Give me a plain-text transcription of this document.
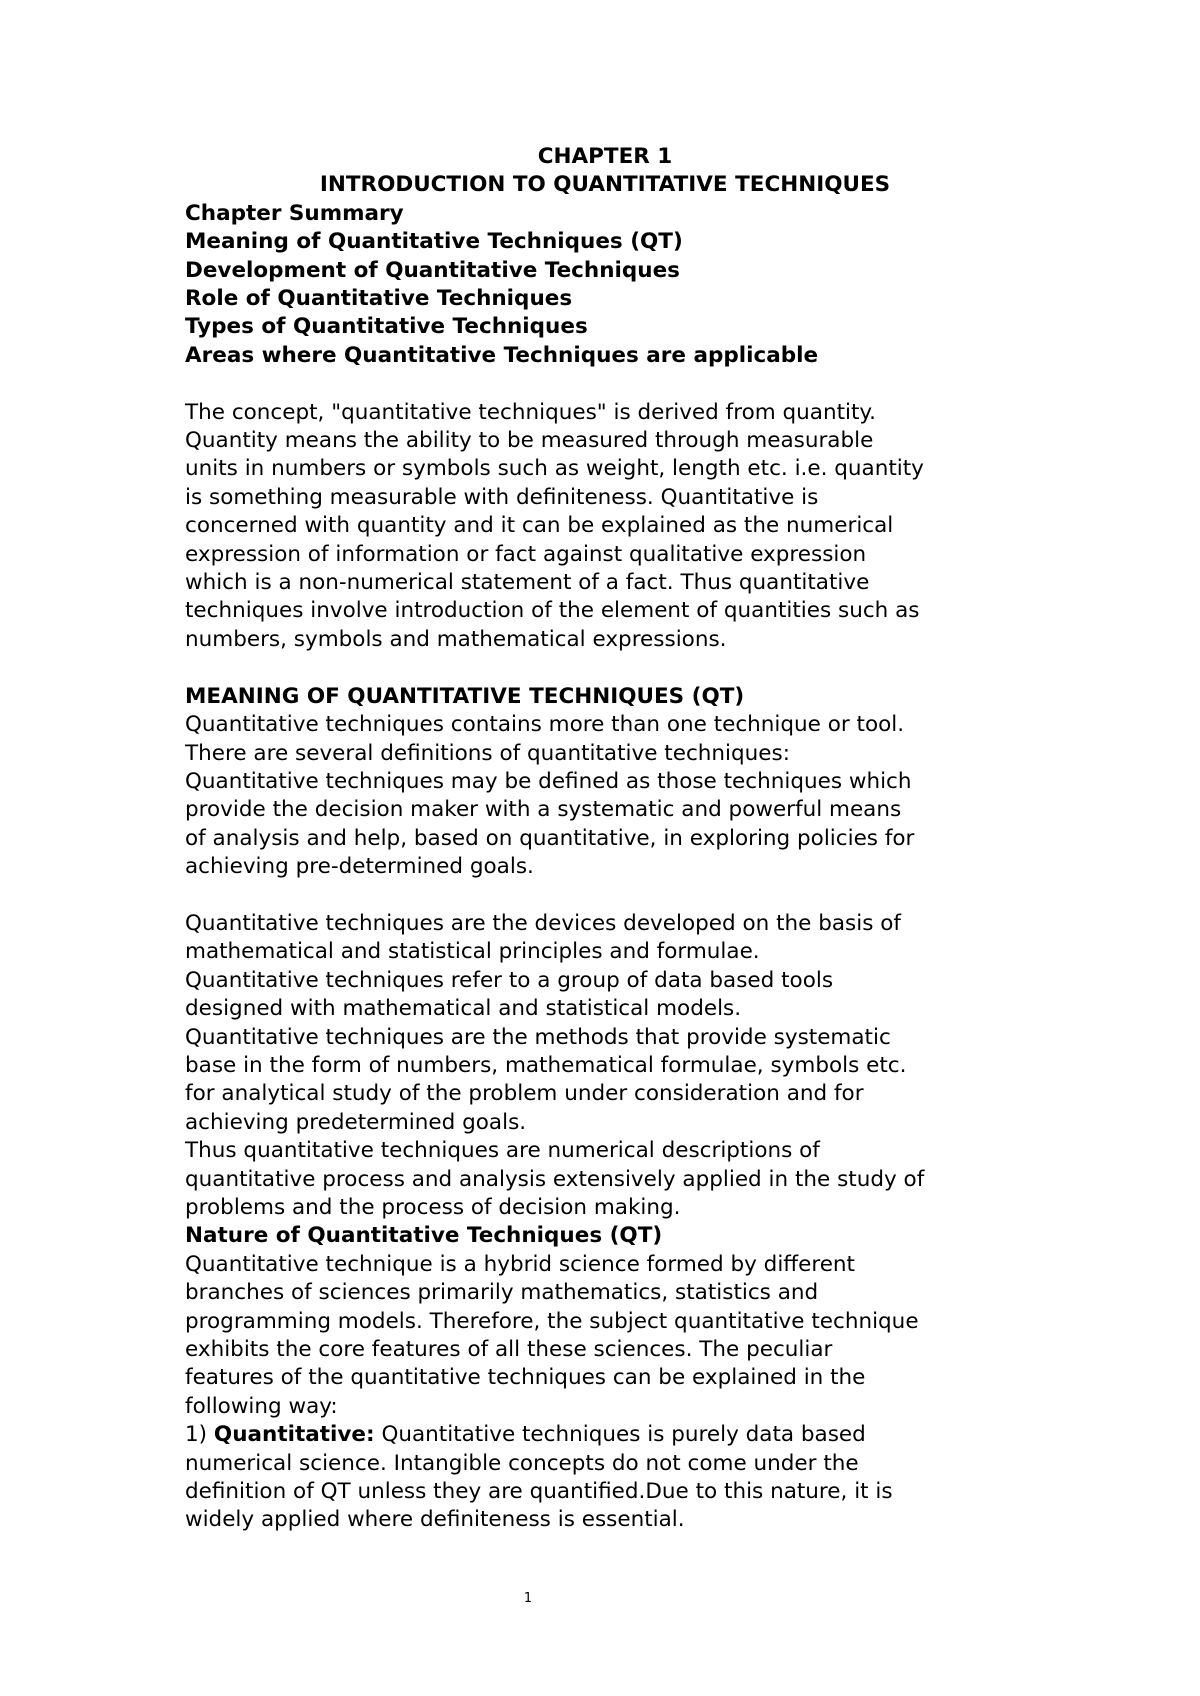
CHAPTER 1

INTRODUCTION TO QUANTITATIVE TECHNIQUES

Chapter Summary

Meaning of Quantitative Techniques (QT)

Development of Quantitative Techniques

Role of Quantitative Techniques

Types of Quantitative Techniques

Areas where Quantitative Techniques are applicable

The concept, "quantitative techniques" is derived from quantity.

Quantity means the ability to be measured through measurable

units in numbers or symbols such as weight, length etc. i.e. quantity

is something measurable with definiteness. Quantitative is

concerned with quantity and it can be explained as the numerical

expression of information or fact against qualitative expression

which is a non-numerical statement of a fact. Thus quantitative

techniques involve introduction of the element of quantities such as

numbers, symbols and mathematical expressions.

MEANING OF QUANTITATIVE TECHNIQUES (QT)

Quantitative techniques contains more than one technique or tool.

There are several definitions of quantitative techniques:

Quantitative techniques may be defined as those techniques which

provide the decision maker with a systematic and powerful means

of analysis and help, based on quantitative, in exploring policies for

achieving pre-determined goals.

Quantitative techniques are the devices developed on the basis of

mathematical and statistical principles and formulae.

Quantitative techniques refer to a group of data based tools

designed with mathematical and statistical models.

Quantitative techniques are the methods that provide systematic

base in the form of numbers, mathematical formulae, symbols etc.

for analytical study of the problem under consideration and for

achieving predetermined goals.

Thus quantitative techniques are numerical descriptions of

quantitative process and analysis extensively applied in the study of

problems and the process of decision making.

Nature of Quantitative Techniques (QT)

Quantitative technique is a hybrid science formed by different

branches of sciences primarily mathematics, statistics and

programming models. Therefore, the subject quantitative technique

exhibits the core features of all these sciences. The peculiar

features of the quantitative techniques can be explained in the

following way:

1) Quantitative: Quantitative techniques is purely data based

numerical science. Intangible concepts do not come under the

definition of QT unless they are quantified.Due to this nature, it is

widely applied where definiteness is essential.

1
